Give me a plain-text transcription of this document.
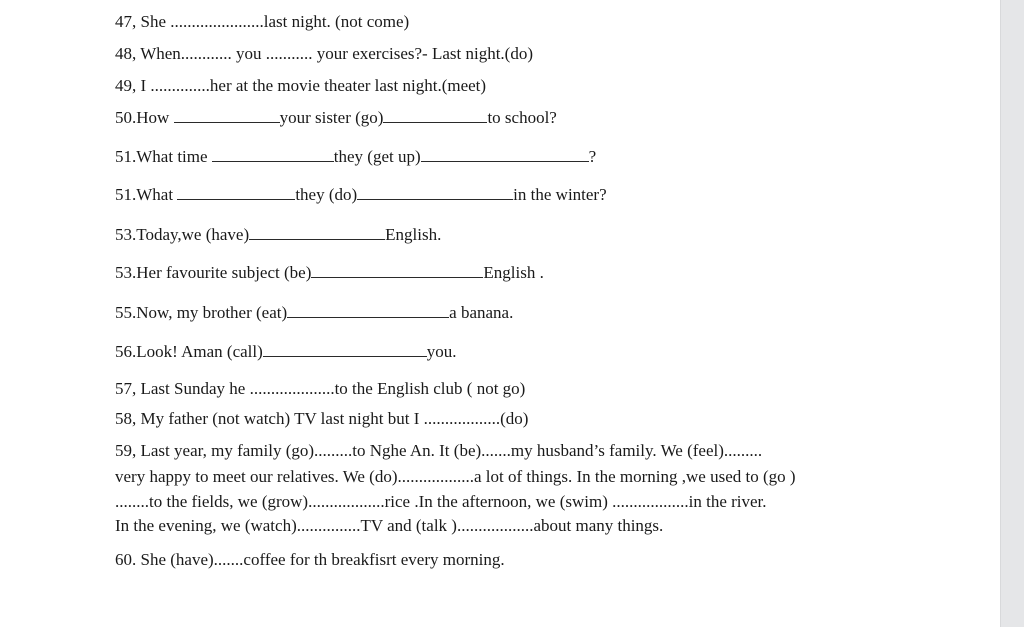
47, She ......................last night. (not come)
48, When............ you ........... your exercises?- Last night.(do)
49, I ..............her at the movie theater last night.(meet)
50.How	your sister (go)	to school?
51.What time	they (get up)	?
51.What	they (do)	in the winter?
53.Today,we (have)	English.
53.Her favourite subject (be)	English .
55.Now, my brother (eat)	a banana.
56.Look! Aman (call)	you.
57, Last Sunday he ....................to the English club ( not go)
58, My father (not watch) TV last night but I ..................(do)
59, Last year, my family (go).........to Nghe An. It (be).......my husband’s family. We (feel).........
very happy to meet our relatives. We (do)..................a lot of things. In the morning ,we used to (go )
........to the fields, we (grow)..................rice .In the afternoon, we (swim) ..................in the river.
In the evening, we (watch)...............TV and (talk )..................about many things.
60. She (have).......coffee for th breakfisrt every morning.
